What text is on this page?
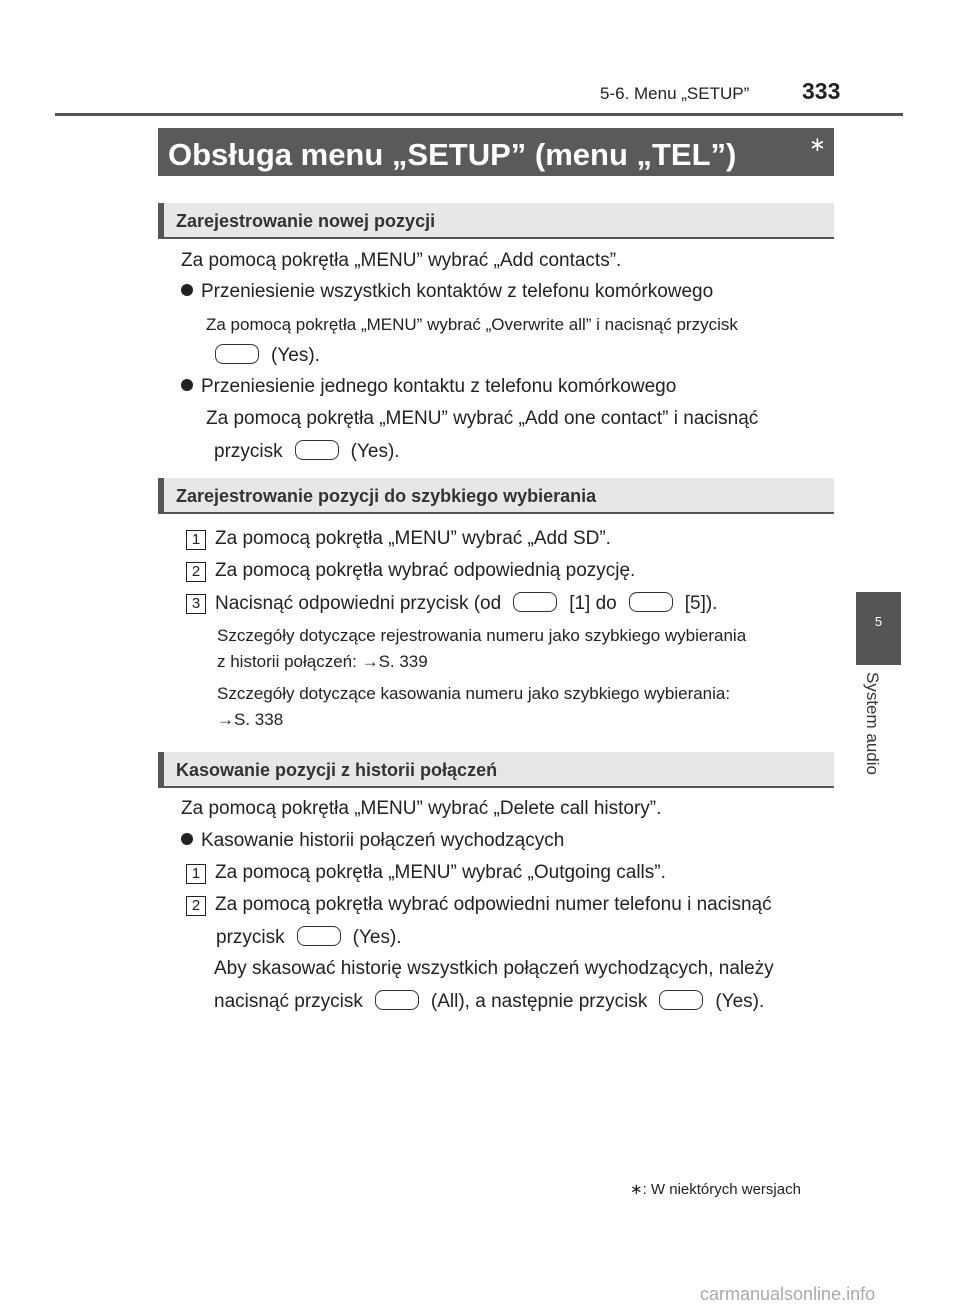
5-6. Menu „SETUP” 333
5
System audio
Obsługa menu „SETUP” (menu „TEL”)	∗
Zarejestrowanie nowej pozycji
Za pomocą pokrętła „MENU” wybrać „Add contacts”.
Przeniesienie wszystkich kontaktów z telefonu komórkowego
Za pomocą pokrętła „MENU” wybrać „Overwrite all” i nacisnąć przycisk
(Yes).
Przeniesienie jednego kontaktu z telefonu komórkowego
Za pomocą pokrętła „MENU” wybrać „Add one contact” i nacisnąć
przycisk	(Yes).
Zarejestrowanie pozycji do szybkiego wybierania
1 Za pomocą pokrętła „MENU” wybrać „Add SD”.
2 Za pomocą pokrętła wybrać odpowiednią pozycję.
3 Nacisnąć odpowiedni przycisk (od	[1] do	[5]).
Szczegóły dotyczące rejestrowania numeru jako szybkiego wybierania
z historii połączeń: →S. 339
Szczegóły dotyczące kasowania numeru jako szybkiego wybierania:
→S. 338
Kasowanie pozycji z historii połączeń
Za pomocą pokrętła „MENU” wybrać „Delete call history”.
Kasowanie historii połączeń wychodzących
1 Za pomocą pokrętła „MENU” wybrać „Outgoing calls”.
2 Za pomocą pokrętła wybrać odpowiedni numer telefonu i nacisnąć
przycisk	(Yes).
Aby skasować historię wszystkich połączeń wychodzących, należy
nacisnąć przycisk	(All), a następnie przycisk	(Yes).
∗: W niektórych wersjach
carmanualsonline.info
